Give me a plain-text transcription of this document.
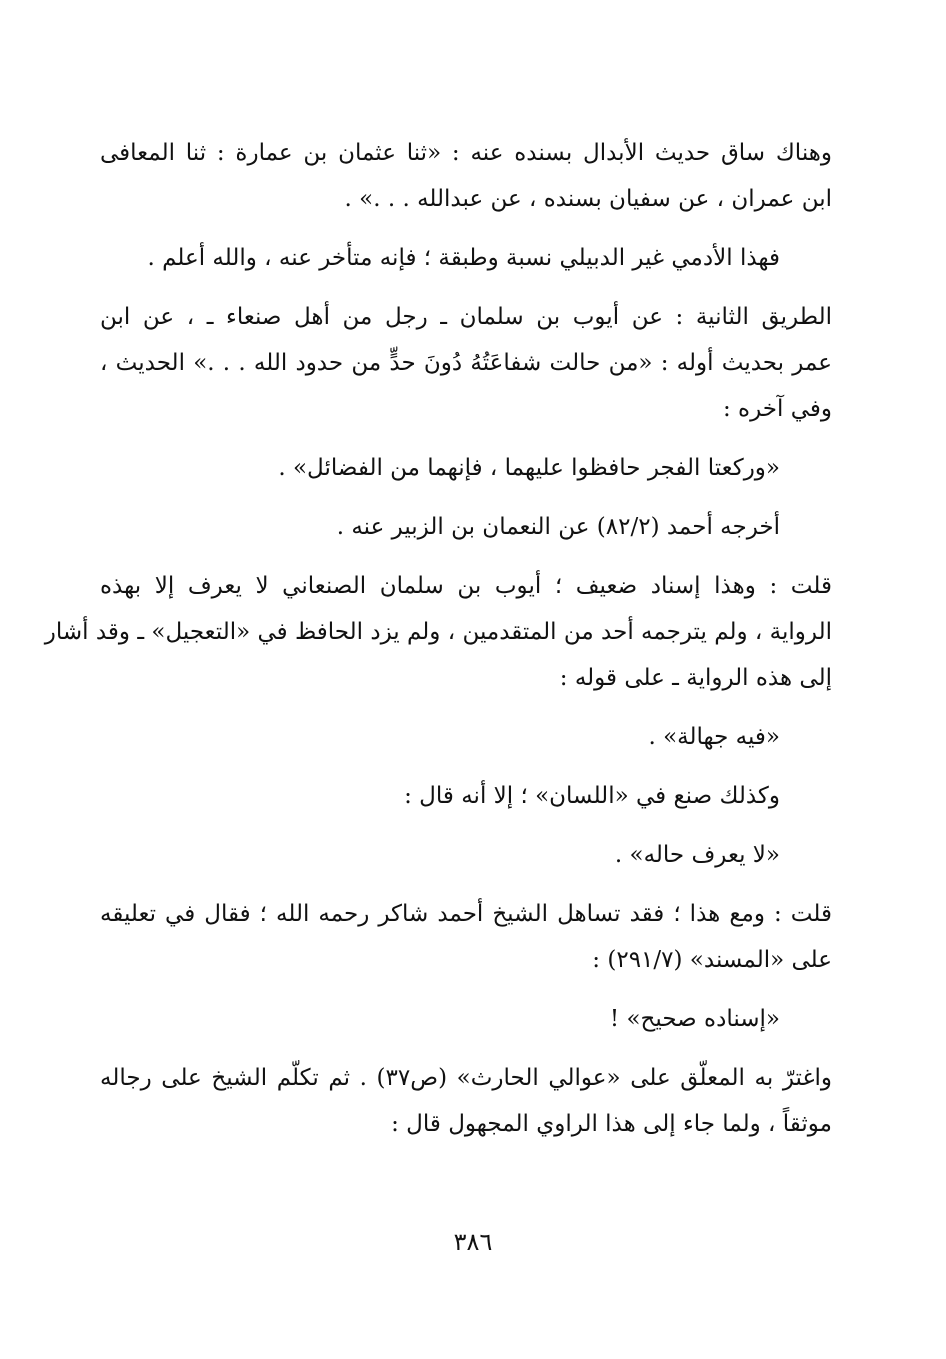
وهناك ساق حديث الأبدال بسنده عنه : «ثنا عثمان بن عمارة : ثنا المعافى

ابن عمران ، عن سفيان بسنده ، عن عبدالله . . .» .

فهذا الأدمي غير الدبيلي نسبة وطبقة ؛ فإنه متأخر عنه ، والله أعلم .

الطريق الثانية : عن أيوب بن سلمان ـ رجل من أهل صنعاء ـ ، عن ابن

عمر بحديث أوله : «من حالت شفاعَتُهُ دُونَ حدٍّ من حدود الله . . .» الحديث ،

وفي آخره :

«وركعتا الفجر حافظوا عليهما ، فإنهما من الفضائل» .

أخرجه أحمد (٨٢/٢) عن النعمان بن الزبير عنه .

قلت : وهذا إسناد ضعيف ؛ أيوب بن سلمان الصنعاني لا يعرف إلا بهذه

الرواية ، ولم يترجمه أحد من المتقدمين ، ولم يزد الحافظ في «التعجيل» ـ وقد أشار

إلى هذه الرواية ـ على قوله :

«فيه جهالة» .

وكذلك صنع في «اللسان» ؛ إلا أنه قال :

«لا يعرف حاله» .

قلت : ومع هذا ؛ فقد تساهل الشيخ أحمد شاكر رحمه الله ؛ فقال في تعليقه

على «المسند» (٢٩١/٧) :

«إسناده صحيح» !

واغترّ به المعلّق على «عوالي الحارث» (ص٣٧) . ثم تكلّم الشيخ على رجاله

موثقاً ، ولما جاء إلى هذا الراوي المجهول قال :

٣٨٦
